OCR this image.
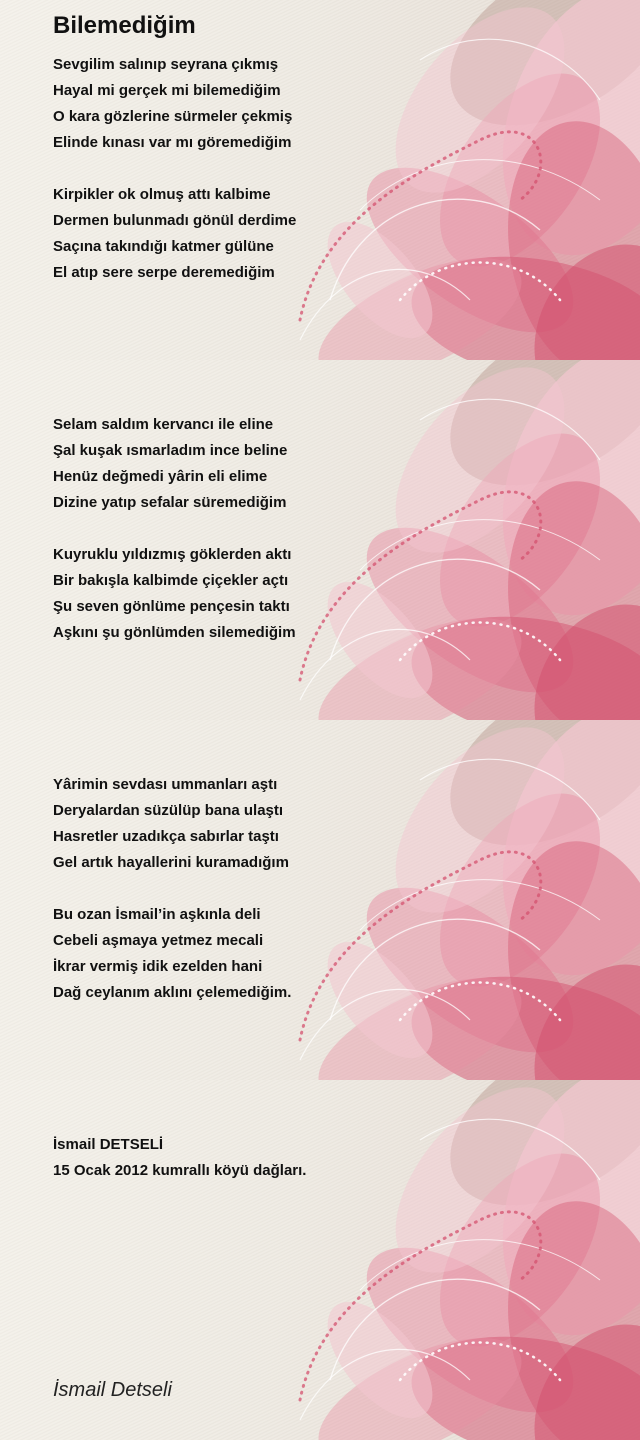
Bilemediğim

Sevgilim salınıp seyrana çıkmış
Hayal mi gerçek mi bilemediğim
O kara gözlerine sürmeler çekmiş
Elinde kınası var mı göremediğim

Kirpikler ok olmuş attı kalbime
Dermen bulunmadı gönül derdime
Saçına takındığı katmer gülüne
El atıp sere serpe deremediğim

Selam saldım kervancı ile eline
Şal kuşak ısmarladım ince beline
Henüz değmedi yârin eli elime
Dizine yatıp sefalar süremediğim

Kuyruklu yıldızmış göklerden aktı
Bir bakışla kalbimde çiçekler açtı
Şu seven gönlüme pençesin taktı
Aşkını şu gönlümden silemediğim

Yârimin sevdası ummanları aştı
Deryalardan süzülüp bana ulaştı
Hasretler uzadıkça sabırlar taştı
Gel artık hayallerini kuramadığım

Bu ozan İsmail’in aşkınla deli
Cebeli aşmaya yetmez mecali
İkrar vermiş idik ezelden hani
Dağ ceylanım aklını çelemediğim.

İsmail DETSELİ
15 Ocak 2012 kumrallı köyü dağları.

İsmail Detseli
